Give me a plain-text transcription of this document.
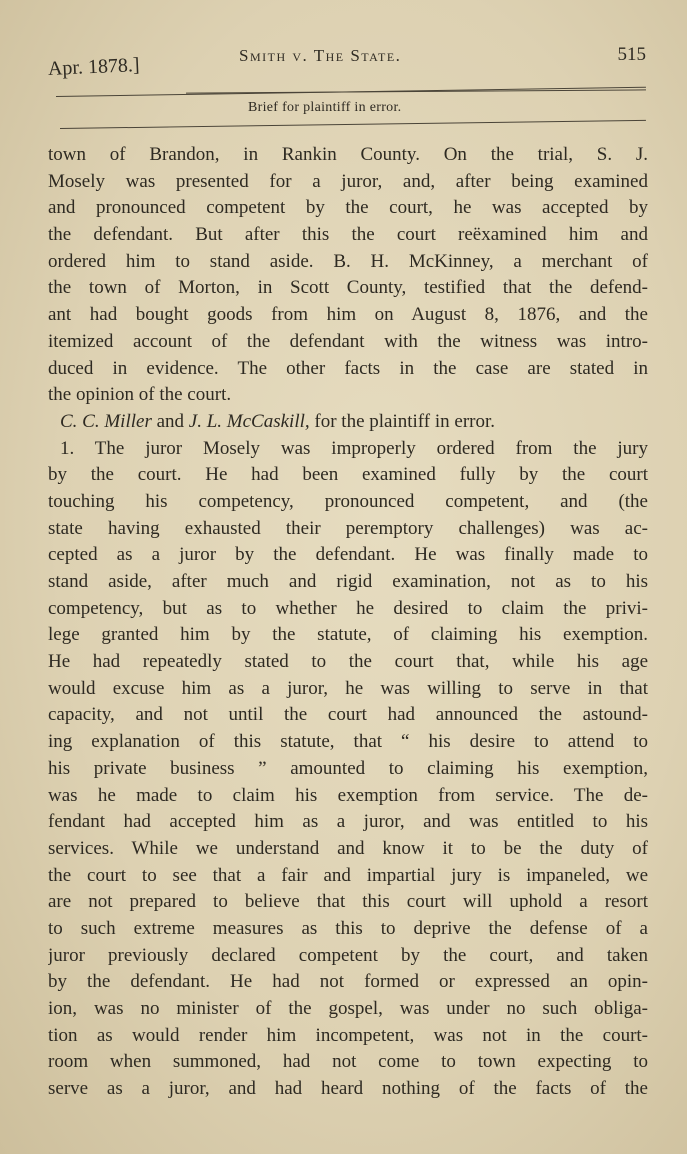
Apr. 1878.]	Smith v. The State.	515
Brief for plaintiff in error.
town of Brandon, in Rankin County. On the trial, S. J.
Mosely was presented for a juror, and, after being examined
and pronounced competent by the court, he was accepted by
the defendant. But after this the court reëxamined him and
ordered him to stand aside. B. H. McKinney, a merchant of
the town of Morton, in Scott County, testified that the defend-
ant had bought goods from him on August 8, 1876, and the
itemized account of the defendant with the witness was intro-
duced in evidence. The other facts in the case are stated in
the opinion of the court.
C. C. Miller and J. L. McCaskill, for the plaintiff in error.
1. The juror Mosely was improperly ordered from the jury
by the court. He had been examined fully by the court
touching his competency, pronounced competent, and (the
state having exhausted their peremptory challenges) was ac-
cepted as a juror by the defendant. He was finally made to
stand aside, after much and rigid examination, not as to his
competency, but as to whether he desired to claim the privi-
lege granted him by the statute, of claiming his exemption.
He had repeatedly stated to the court that, while his age
would excuse him as a juror, he was willing to serve in that
capacity, and not until the court had announced the astound-
ing explanation of this statute, that “ his desire to attend to
his private business ” amounted to claiming his exemption,
was he made to claim his exemption from service. The de-
fendant had accepted him as a juror, and was entitled to his
services. While we understand and know it to be the duty of
the court to see that a fair and impartial jury is impaneled, we
are not prepared to believe that this court will uphold a resort
to such extreme measures as this to deprive the defense of a
juror previously declared competent by the court, and taken
by the defendant. He had not formed or expressed an opin-
ion, was no minister of the gospel, was under no such obliga-
tion as would render him incompetent, was not in the court-
room when summoned, had not come to town expecting to
serve as a juror, and had heard nothing of the facts of the
